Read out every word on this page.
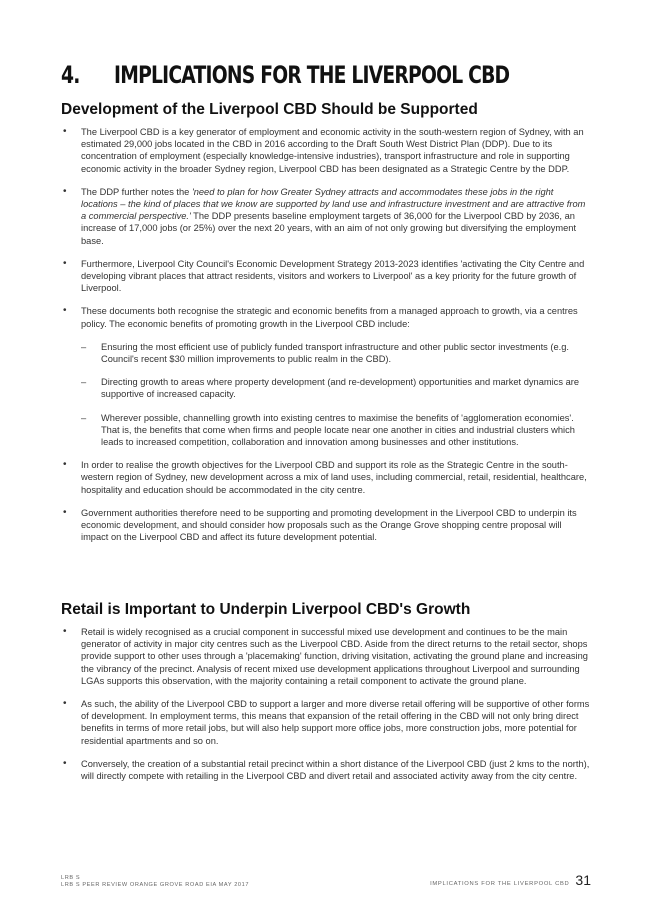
4. IMPLICATIONS FOR THE LIVERPOOL CBD
Development of the Liverpool CBD Should be Supported
• The Liverpool CBD is a key generator of employment and economic activity in the south-western region of Sydney, with an estimated 29,000 jobs located in the CBD in 2016 according to the Draft South West District Plan (DDP). Due to its concentration of employment (especially knowledge-intensive industries), transport infrastructure and role in supporting economic activity in the broader Sydney region, Liverpool CBD has been designated as a Strategic Centre by the DDP.
• The DDP further notes the 'need to plan for how Greater Sydney attracts and accommodates these jobs in the right locations – the kind of places that we know are supported by land use and infrastructure investment and are attractive from a commercial perspective.' The DDP presents baseline employment targets of 36,000 for the Liverpool CBD by 2036, an increase of 17,000 jobs (or 25%) over the next 20 years, with an aim of not only growing but diversifying the employment base.
• Furthermore, Liverpool City Council's Economic Development Strategy 2013-2023 identifies 'activating the City Centre and developing vibrant places that attract residents, visitors and workers to Liverpool' as a key priority for the future growth of Liverpool.
• These documents both recognise the strategic and economic benefits from a managed approach to growth, via a centres policy. The economic benefits of promoting growth in the Liverpool CBD include:
– Ensuring the most efficient use of publicly funded transport infrastructure and other public sector investments (e.g. Council's recent $30 million improvements to public realm in the CBD).
– Directing growth to areas where property development (and re-development) opportunities and market dynamics are supportive of increased capacity.
– Wherever possible, channelling growth into existing centres to maximise the benefits of 'agglomeration economies'. That is, the benefits that come when firms and people locate near one another in cities and industrial clusters which leads to increased competition, collaboration and innovation among businesses and other institutions.
• In order to realise the growth objectives for the Liverpool CBD and support its role as the Strategic Centre in the south-western region of Sydney, new development across a mix of land uses, including commercial, retail, residential, healthcare, hospitality and education should be accommodated in the city centre.
• Government authorities therefore need to be supporting and promoting development in the Liverpool CBD to underpin its economic development, and should consider how proposals such as the Orange Grove shopping centre proposal will impact on the Liverpool CBD and affect its future development potential.
Retail is Important to Underpin Liverpool CBD's Growth
• Retail is widely recognised as a crucial component in successful mixed use development and continues to be the main generator of activity in major city centres such as the Liverpool CBD. Aside from the direct returns to the retail sector, shops provide support to other uses through a 'placemaking' function, driving visitation, activating the ground plane and increasing the vibrancy of the precinct. Analysis of recent mixed use development applications throughout Liverpool and surrounding LGAs supports this observation, with the majority containing a retail component to activate the ground plane.
• As such, the ability of the Liverpool CBD to support a larger and more diverse retail offering will be supportive of other forms of development. In employment terms, this means that expansion of the retail offering in the CBD will not only bring direct benefits in terms of more retail jobs, but will also help support more office jobs, more construction jobs, more potential for residential apartments and so on.
• Conversely, the creation of a substantial retail precinct within a short distance of the Liverpool CBD (just 2 kms to the north), will directly compete with retailing in the Liverpool CBD and divert retail and associated activity away from the city centre.
LRB S
LRB S PEER REVIEW ORANGE GROVE ROAD EIA MAY 2017	IMPLICATIONS FOR THE LIVERPOOL CBD 31
